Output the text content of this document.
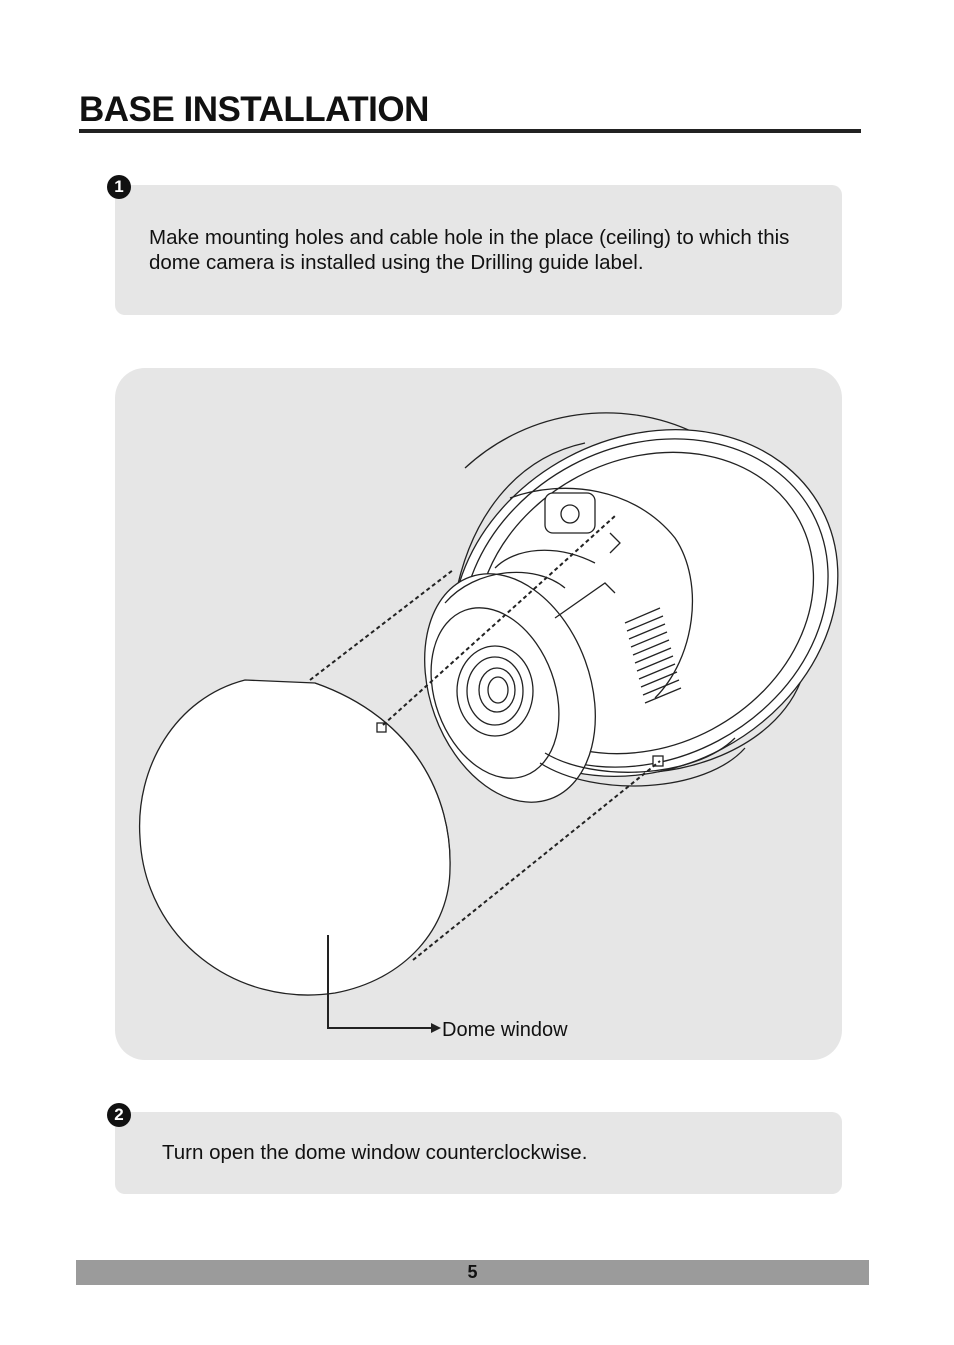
BASE INSTALLATION
1

Make mounting holes and cable hole in the place (ceiling) to which this dome camera is installed using the Drilling guide label.

Dome window
2

Turn open the dome window counterclockwise.

5
